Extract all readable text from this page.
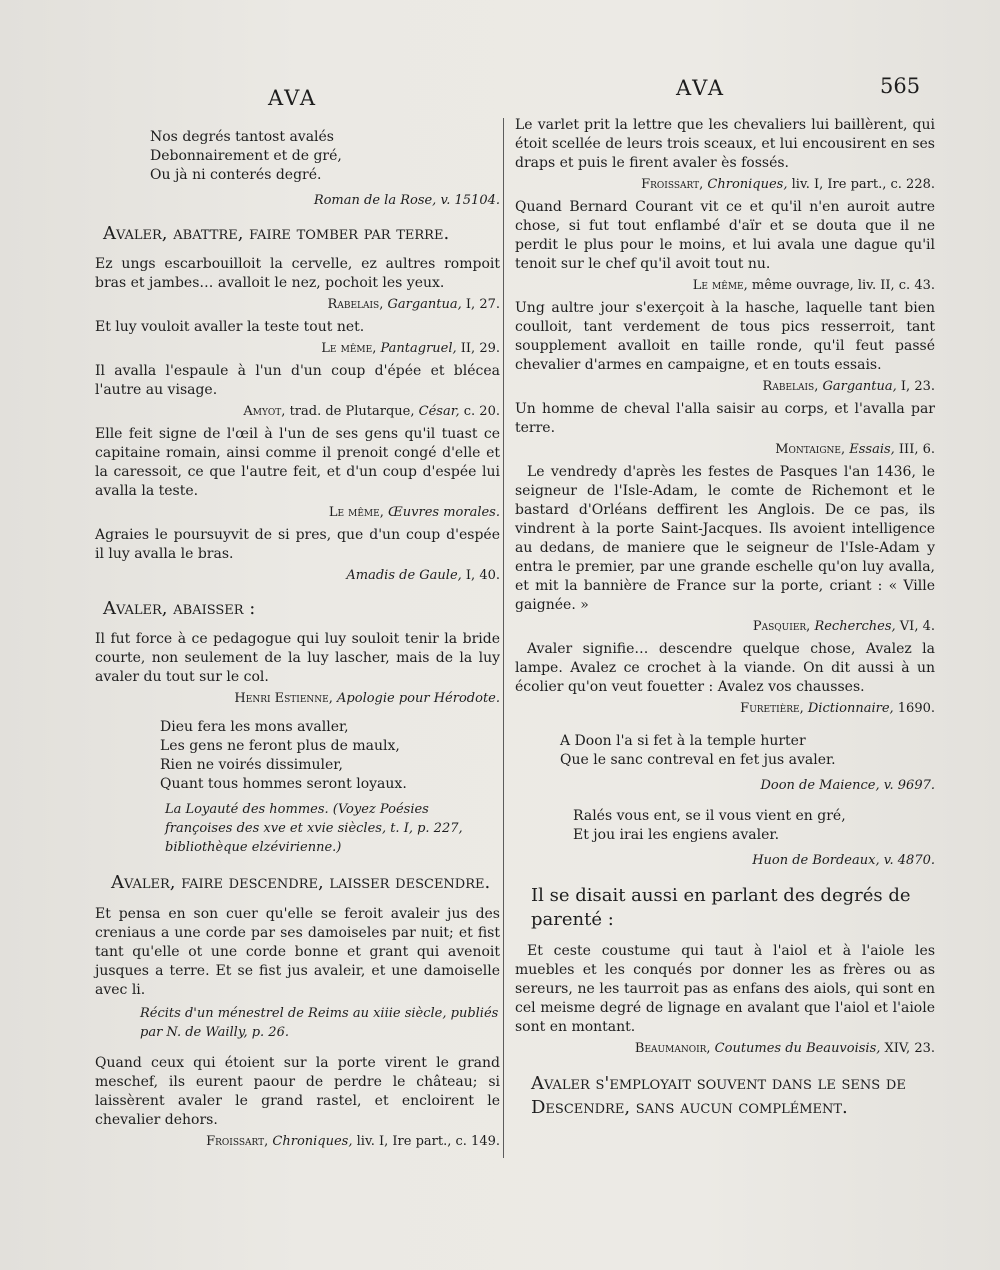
AVA	AVA	565
Nos degrés tantost avalés
Debonnairement et de gré,
Ou jà ni conterés degré.

Roman de la Rose, v. 15104.

Avaler, abattre, faire tomber par terre.

Ez ungs escarbouilloit la cervelle, ez aultres rompoit bras et jambes… avalloit le nez, pochoit les yeux.

Rabelais, Gargantua, I, 27.

Et luy vouloit avaller la teste tout net.

Le même, Pantagruel, II, 29.

Il avalla l'espaule à l'un d'un coup d'épée et blécea l'autre au visage.

Amyot, trad. de Plutarque, César, c. 20.

Elle feit signe de l'œil à l'un de ses gens qu'il tuast ce capitaine romain, ainsi comme il prenoit congé d'elle et la caressoit, ce que l'autre feit, et d'un coup d'espée lui avalla la teste.

Le même, Œuvres morales.

Agraies le poursuyvit de si pres, que d'un coup d'espée il luy avalla le bras.

Amadis de Gaule, I, 40.

Avaler, abaisser :

Il fut force à ce pedagogue qui luy souloit tenir la bride courte, non seulement de la luy lascher, mais de la luy avaler du tout sur le col.

Henri Estienne, Apologie pour Hérodote.

Dieu fera les mons avaller,
Les gens ne feront plus de maulx,
Rien ne voirés dissimuler,
Quant tous hommes seront loyaux.

La Loyauté des hommes. (Voyez Poésies françoises des xve et xvie siècles, t. I, p. 227, bibliothèque elzévirienne.)

Avaler, faire descendre, laisser descendre.

Et pensa en son cuer qu'elle se feroit avaleir jus des creniaus a une corde par ses damoiseles par nuit; et fist tant qu'elle ot une corde bonne et grant qui avenoit jusques a terre. Et se fist jus avaleir, et une damoiselle avec li.

Récits d'un ménestrel de Reims au xiiie siècle, publiés par N. de Wailly, p. 26.

Quand ceux qui étoient sur la porte virent le grand meschef, ils eurent paour de perdre le château; si laissèrent avaler le grand rastel, et encloirent le chevalier dehors.

Froissart, Chroniques, liv. I, Ire part., c. 149.

Le varlet prit la lettre que les chevaliers lui baillèrent, qui étoit scellée de leurs trois sceaux, et lui encousirent en ses draps et puis le firent avaler ès fossés.

Froissart, Chroniques, liv. I, Ire part., c. 228.

Quand Bernard Courant vit ce et qu'il n'en auroit autre chose, si fut tout enflambé d'aïr et se douta que il ne perdit le plus pour le moins, et lui avala une dague qu'il tenoit sur le chef qu'il avoit tout nu.

Le même, même ouvrage, liv. II, c. 43.

Ung aultre jour s'exerçoit à la hasche, laquelle tant bien coulloit, tant verdement de tous pics resserroit, tant soupplement avalloit en taille ronde, qu'il feut passé chevalier d'armes en campaigne, et en touts essais.

Rabelais, Gargantua, I, 23.

Un homme de cheval l'alla saisir au corps, et l'avalla par terre.

Montaigne, Essais, III, 6.

Le vendredy d'après les festes de Pasques l'an 1436, le seigneur de l'Isle-Adam, le comte de Richemont et le bastard d'Orléans deffirent les Anglois. De ce pas, ils vindrent à la porte Saint-Jacques. Ils avoient intelligence au dedans, de maniere que le seigneur de l'Isle-Adam y entra le premier, par une grande eschelle qu'on luy avalla, et mit la bannière de France sur la porte, criant : « Ville gaignée. »

Pasquier, Recherches, VI, 4.

Avaler signifie… descendre quelque chose, Avalez la lampe. Avalez ce crochet à la viande. On dit aussi à un écolier qu'on veut fouetter : Avalez vos chausses.

Furetière, Dictionnaire, 1690.

A Doon l'a si fet à la temple hurter
Que le sanc contreval en fet jus avaler.

Doon de Maience, v. 9697.

Ralés vous ent, se il vous vient en gré,
Et jou irai les engiens avaler.

Huon de Bordeaux, v. 4870.

Il se disait aussi en parlant des degrés de parenté :

Et ceste coustume qui taut à l'aiol et à l'aiole les muebles et les conqués por donner les as frères ou as sereurs, ne les taurroit pas as enfans des aiols, qui sont en cel meisme degré de lignage en avalant que l'aiol et l'aiole sont en montant.

Beaumanoir, Coutumes du Beauvoisis, XIV, 23.

Avaler s'employait souvent dans le sens de Descendre, sans aucun complément.
